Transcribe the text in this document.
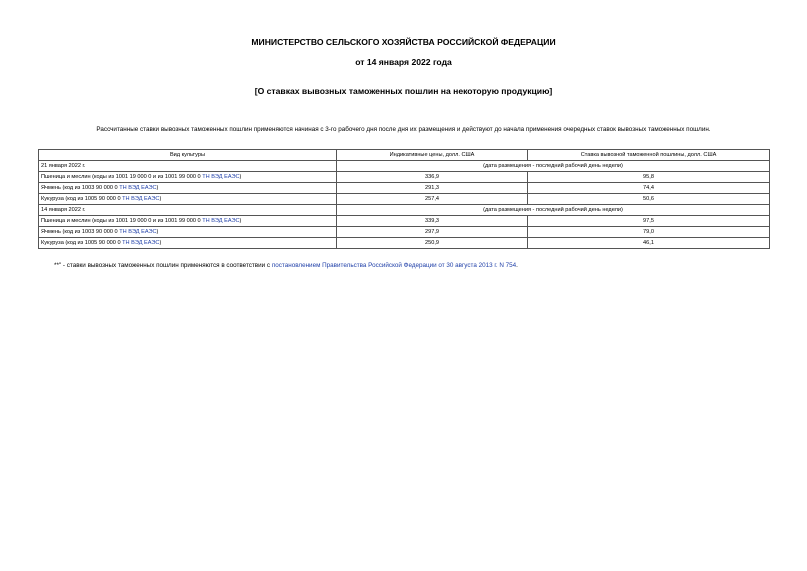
МИНИСТЕРСТВО СЕЛЬСКОГО ХОЗЯЙСТВА РОССИЙСКОЙ ФЕДЕРАЦИИ
от 14 января 2022 года
[О ставках вывозных таможенных пошлин на некоторую продукцию]
Рассчитанные ставки вывозных таможенных пошлин применяются начиная с 3-го рабочего дня после дня их размещения и действуют до начала применения очередных ставок вывозных таможенных пошлин.
Вид культуры	Индикативные цены, долл. США	Ставка вывозной таможенной пошлины, долл. США
21 января 2022 г.	(дата размещения - последний рабочий день недели)	
Пшеница и меслин (коды из 1001 19 000 0 и из 1001 99 000 0 ТН ВЭД ЕАЭС)	336,9	95,8
Ячмень (код из 1003 90 000 0 ТН ВЭД ЕАЭС)	291,3	74,4
Кукуруза (код из 1005 90 000 0 ТН ВЭД ЕАЭС)	257,4	50,6
14 января 2022 г.	(дата размещения - последний рабочий день недели)	
Пшеница и меслин (коды из 1001 19 000 0 и из 1001 99 000 0 ТН ВЭД ЕАЭС)	339,3	97,5
Ячмень (код из 1003 90 000 0 ТН ВЭД ЕАЭС)	297,9	79,0
Кукуруза (код из 1005 90 000 0 ТН ВЭД ЕАЭС)	250,9	46,1
**" - ставки вывозных таможенных пошлин применяются в соответствии с постановлением Правительства Российской Федерации от 30 августа 2013 г. N 754.
